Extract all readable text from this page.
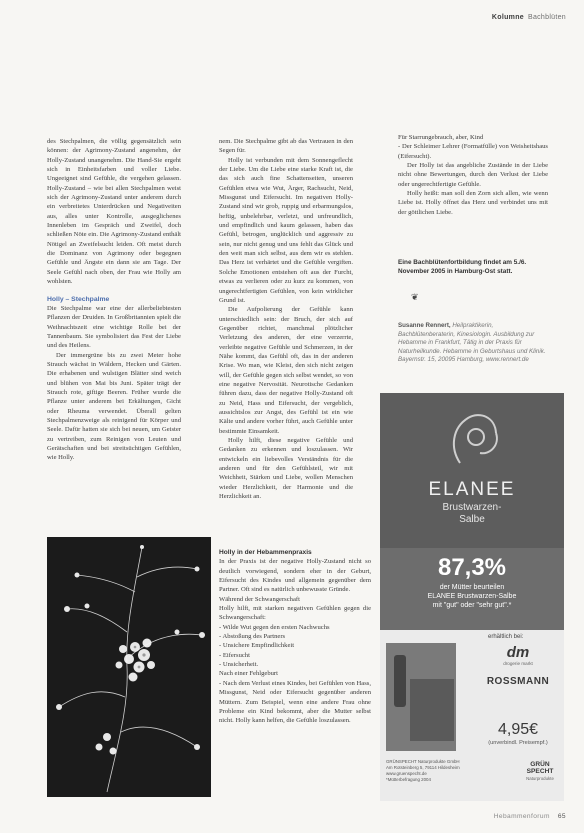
Kolumne Bachblüten

des Stechpalmen, die völlig gegensätzlich sein können: der Agrimony-Zustand angenehm, der Holly-Zustand unangenehm. Die Hand-Sie ergeht sich in Einheitsfarben und voller Liebe. Ungeeignet sind Gefühle, die vergehen gelassen. Holly-Zustand – wie bei allen Stechpalmen weist sich der Agrimony-Zustand unter anderem durch ein verbreitetes Unterdrücken und Negativeiten aus, alles unter Kontrolle, ausgeglichenes Innenleben im Gespräch und Zweifel, doch schließen Nöte ein. Die Agrimony-Zustand enthält Nötigel an Zweifelsucht leiden. Oft meist durch die Dominanz von Agrimony oder begegnen Gefühle und Ängste ein dann sie am Tage. Der Seele Gefühl nach oben, der Frau wie Holly am wohlsten.

Holly – Stechpalme

Die Stechpalme war eine der allerbeliebtesten Pflanzen der Druiden. In Großbritannien spielt die Weihnachtszeit eine wichtige Rolle bei der Tannenbaum. Sie symbolisiert das Fest der Liebe und des Heilens.

Der immergrüne bis zu zwei Meter hohe Strauch wächst in Wäldern, Hecken und Gärten. Die erhabenen und wulstigen Blätter sind weich und blühen von Mai bis Juni. Später trägt der Strauch rote, giftige Beeren. Früher wurde die Pflanze unter anderem bei Erkältungen, Gicht oder Rheuma verwendet. Überall gelten Stechpalmenzweige als reinigend für Körper und Seele. Dafür hatten sie sich bei neuen, um Geister zu vertreiben, zum Reinigen von Leuten und Gerätschaften und bei streitsüchtigen Gefühlen, wie Holly.

nem. Die Stechpalme gibt ab das Vertrauen in den Segen für.

Holly ist verbunden mit dem Sonnengeflecht der Liebe. Um die Liebe eine starke Kraft ist, die das sich auch fine Schattenseiten, unseren Gefühlen etwa wie Wut, Ärger, Rachsucht, Neid, Missgunst und Eifersucht. Im negativen Holly-Zustand sind wir grob, ruppig und erbarmungslos, heftig, unbelehrbar, verletzt, und unfreundlich, und empfindlich und kaum gelassen, haben das Gefühl, betrogen, unglücklich und aggressiv zu sein, nur nicht genug und uns fehlt das Glück und den weit man sich selbst, aus dem wir es stehlen. Das Herz ist verhärtet und die Gefühle vergiften. Solche Emotionen entstehen oft aus der Furcht, etwas zu verlieren oder zu kurz zu kommen, von ungerechtfertigten Gefühlen, von kein wirklicher Grund ist.

Die Aufpolierung der Gefühle kann unterschiedlich sein: der Bruch, der sich auf Gegenüber richtet, manchmal plötzlicher Verletzung des anderen, der eine verzerrte, verleibte negative Gefühle und Schmerzen, in der Nähe kommt, das Gefühl oft, das in der anderen Krise. Wo man, wie Kleist, den sich nicht zeigen will, der Gefühle gegen sich selbst wendet, so von eine negative Nervosität. Neurotische Gedanken führen dazu, dass der negative Holly-Zustand oft zu Neid, Hass und Eifersucht, der vergeblich, aussichtslos zur Angst, des Gefühl ist ein wie Kälte und andere vorher führt, auch Gefühle unter bestimmte Einsamkeit.

Holly hilft, diese negative Gefühle und Gedanken zu erkennen und loszulassen. Wir entwickeln ein liebevolles Verständnis für die anderen und für den Gefühlsteil, wir mit Weichheit, Stärken und Liebe, wollen Menschen wieder Herzlichkeit, der Harmonie und die Herzlichkeit an.

Für Starrungebrauch, aber, Kind

- Der Schleimer Lehrer (Formatfülle) von Weisheitshaus (Eifersucht).

Der Holly ist das angebliche Zustände in der Liebe nicht ohne Bewertungen, durch den Verlust der Liebe oder ungerechtfertigte Gefühle.

Holly heißt: man soll den Zorn sich allen, wie wenn Liebe ist. Holly öffnet das Herz und verbindet uns mit der göttlichen Liebe.

Eine Bachblütenfortbildung findet am 5./6. November 2005 in Hamburg-Ost statt.
❦
Susanne Rennert, Heilpraktikerin, Bachblütenberaterin, Kinesiologin. Ausbildung zur Hebamme in Frankfurt, Tätig in der Praxis für Naturheilkunde. Hebamme in Geburtshaus und Klinik. Bayernstr. 15, 20095 Hamburg, www.rennert.de

Holly in der Hebammenpraxis

In der Praxis ist der negative Holly-Zustand nicht so deutlich vorwiegend, sondern eher in der Geburt, Eifersucht des Kindes und allgemein gegenüber dem Partner. Oft sind es natürlich unbewusste Gründe.

Während der Schwangerschaft

Holly hilft, mit starken negativen Gefühlen gegen die Schwangerschaft:

- Wilde Wut gegen den ersten Nachwuchs

- Abstoßung des Partners

- Unsichere Empfindlichkeit

- Eifersucht

- Unsicherheit.

Nach einer Fehlgeburt

- Nach dem Verlust eines Kindes, bei Gefühlen von Hass, Missgunst, Neid oder Eifersucht gegenüber anderen Müttern. Zum Beispiel, wenn eine andere Frau ohne Probleme ein Kind bekommt, aber die Mutter selbst nicht. Holly kann helfen, die Gefühle loszulassen.

ELANEE
Brustwarzen-
Salbe
87,3%
der Mütter beurteilen
ELANEE Brustwarzen-Salbe
mit "gut" oder "sehr gut".*
erhältlich bei:
dm
drogerie markt
ROSSMANN
4,95€
(unverbindl. Preisempf.)
GRÜNSPECHT Naturprodukte GmbH
Am Rotsteinberg 5, 79114 Hildesheim
www.gruenspecht.de
*Mütterbefragung 2004
GRÜN
SPECHT
Naturprodukte
Hebammenforum 65
